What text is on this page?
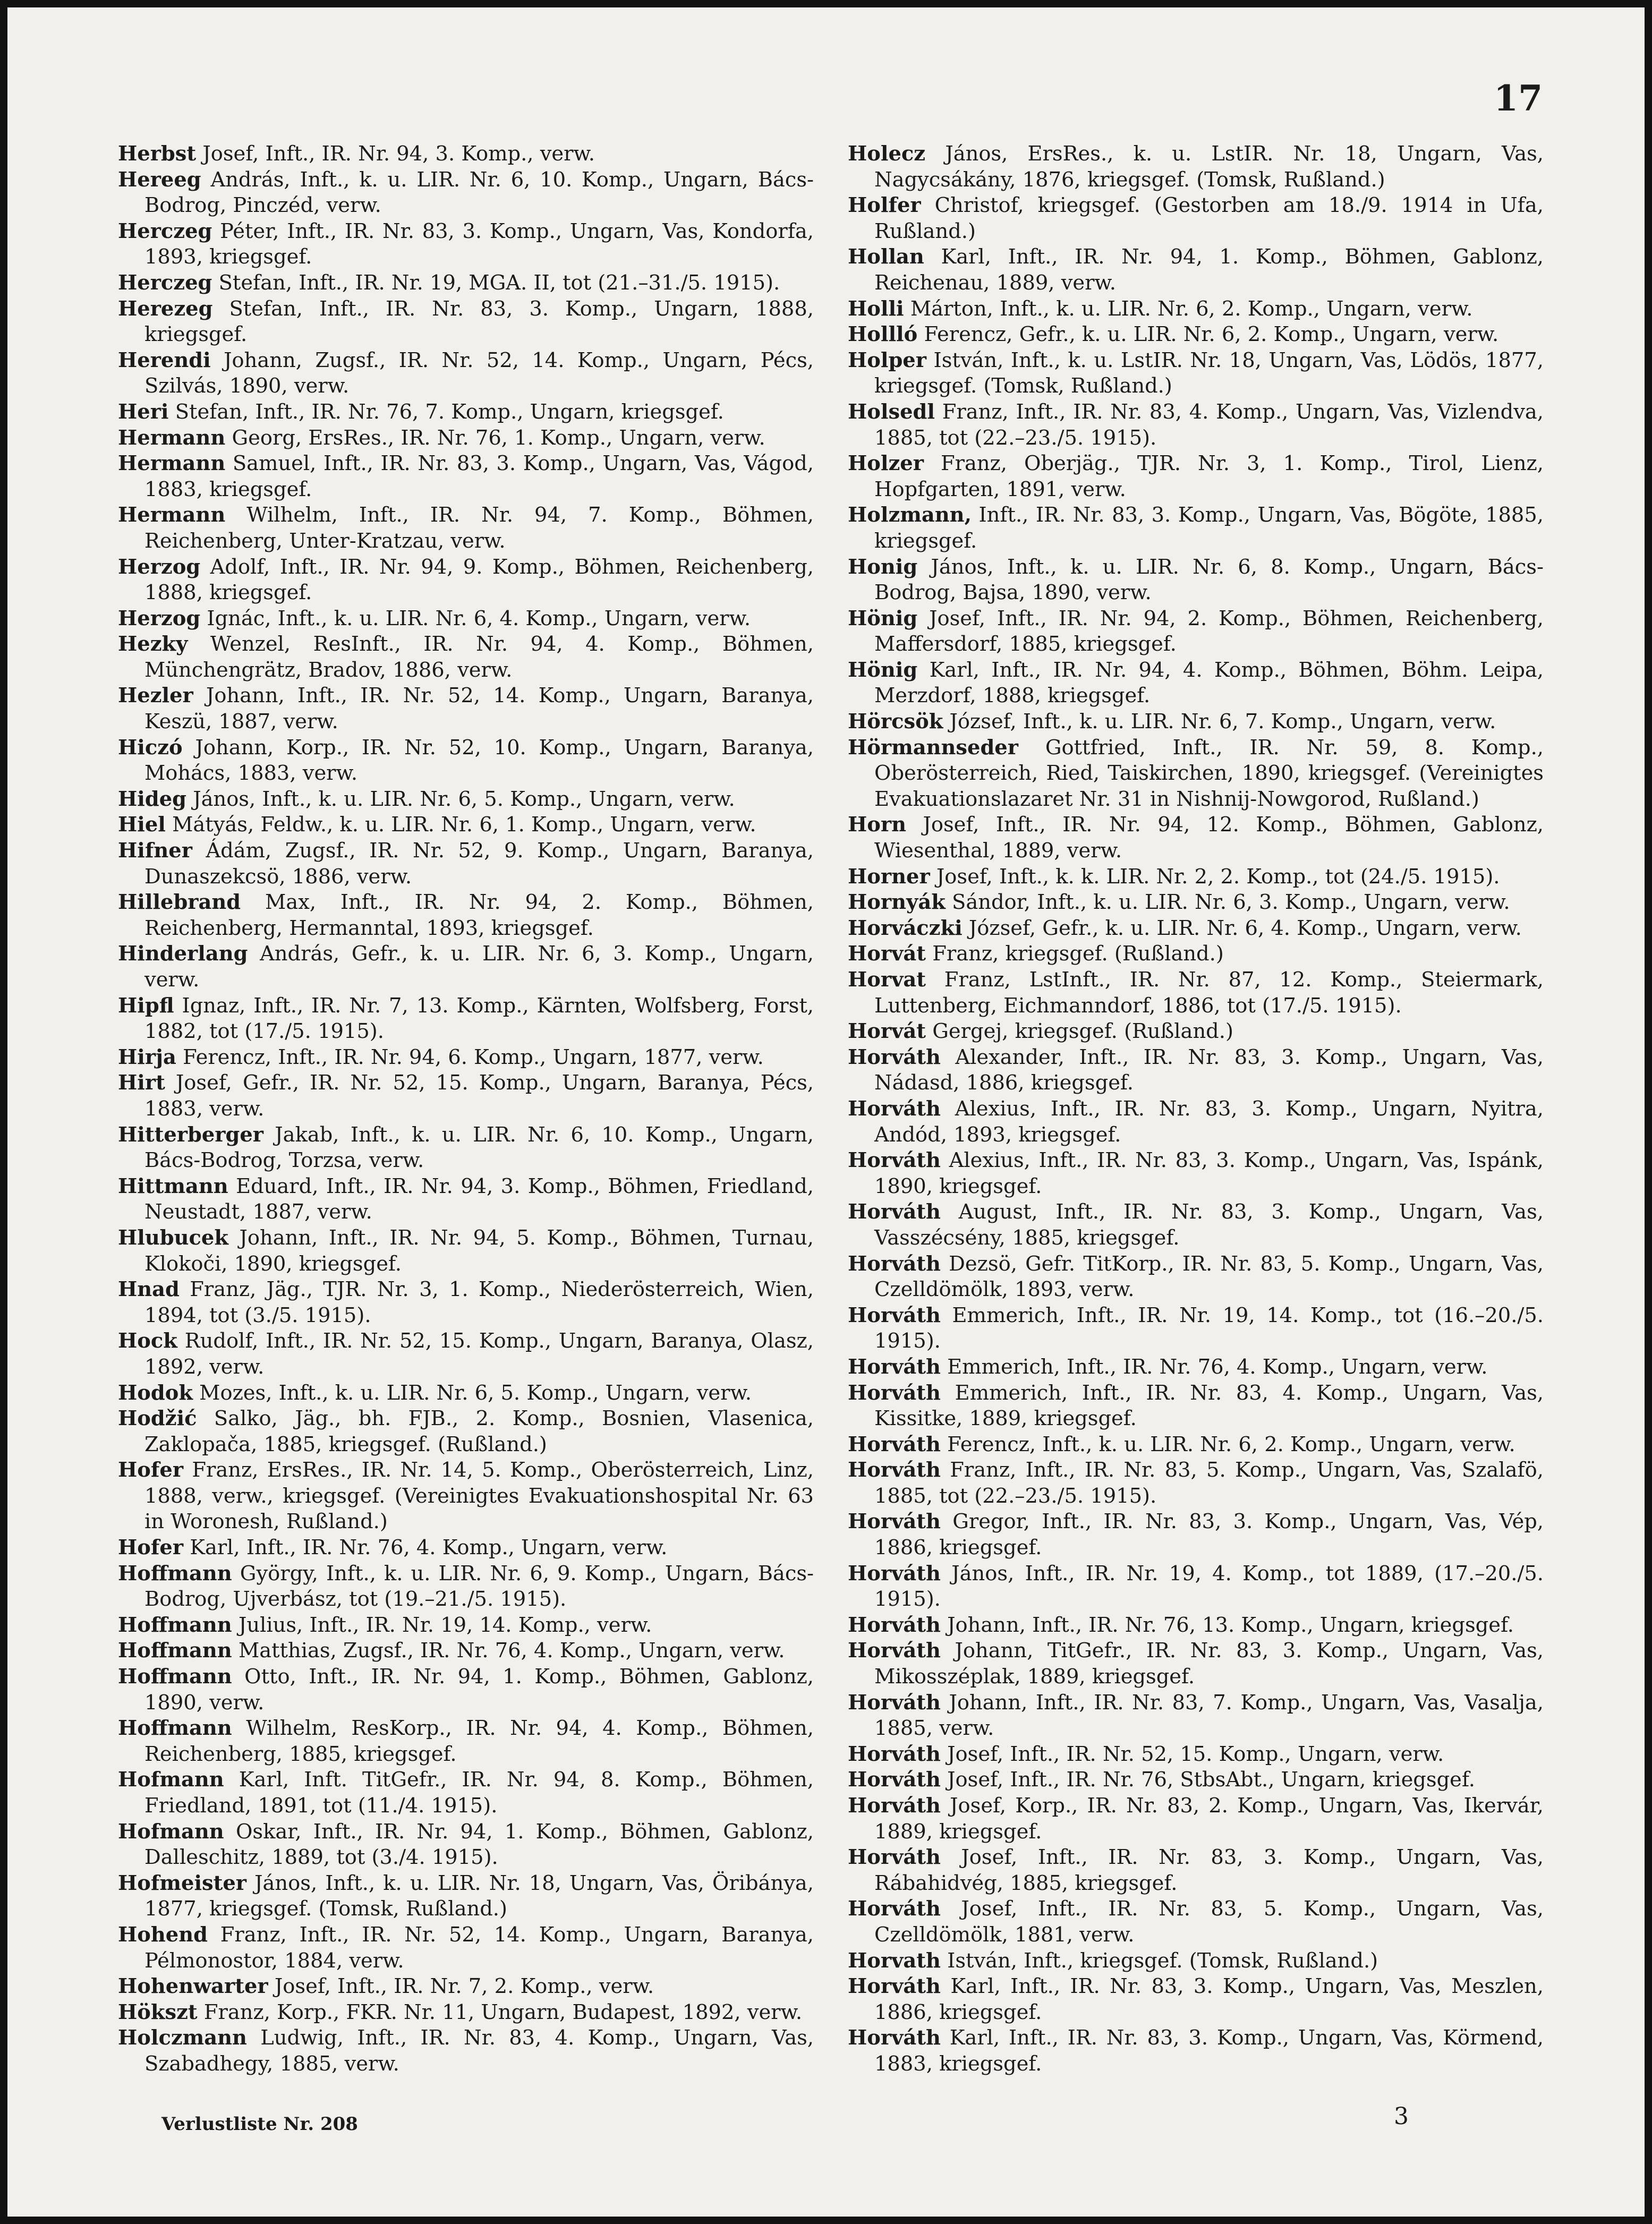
17

Herbst Josef, Inft., IR. Nr. 94, 3. Komp., verw.

Hereeg András, Inft., k. u. LIR. Nr. 6, 10. Komp., Ungarn, Bács-Bodrog, Pinczéd, verw.

Herczeg Péter, Inft., IR. Nr. 83, 3. Komp., Ungarn, Vas, Kondorfa, 1893, kriegsgef.

Herczeg Stefan, Inft., IR. Nr. 19, MGA. II, tot (21.–31./5. 1915).

Herezeg Stefan, Inft., IR. Nr. 83, 3. Komp., Ungarn, 1888, kriegsgef.

Herendi Johann, Zugsf., IR. Nr. 52, 14. Komp., Ungarn, Pécs, Szilvás, 1890, verw.

Heri Stefan, Inft., IR. Nr. 76, 7. Komp., Ungarn, kriegsgef.

Hermann Georg, ErsRes., IR. Nr. 76, 1. Komp., Ungarn, verw.

Hermann Samuel, Inft., IR. Nr. 83, 3. Komp., Ungarn, Vas, Vágod, 1883, kriegsgef.

Hermann Wilhelm, Inft., IR. Nr. 94, 7. Komp., Böhmen, Reichenberg, Unter-Kratzau, verw.

Herzog Adolf, Inft., IR. Nr. 94, 9. Komp., Böhmen, Reichenberg, 1888, kriegsgef.

Herzog Ignác, Inft., k. u. LIR. Nr. 6, 4. Komp., Ungarn, verw.

Hezky Wenzel, ResInft., IR. Nr. 94, 4. Komp., Böhmen, Münchengrätz, Bradov, 1886, verw.

Hezler Johann, Inft., IR. Nr. 52, 14. Komp., Ungarn, Baranya, Keszü, 1887, verw.

Hiczó Johann, Korp., IR. Nr. 52, 10. Komp., Ungarn, Baranya, Mohács, 1883, verw.

Hideg János, Inft., k. u. LIR. Nr. 6, 5. Komp., Ungarn, verw.

Hiel Mátyás, Feldw., k. u. LIR. Nr. 6, 1. Komp., Ungarn, verw.

Hifner Ádám, Zugsf., IR. Nr. 52, 9. Komp., Ungarn, Baranya, Dunaszekcsö, 1886, verw.

Hillebrand Max, Inft., IR. Nr. 94, 2. Komp., Böhmen, Reichenberg, Hermanntal, 1893, kriegsgef.

Hinderlang András, Gefr., k. u. LIR. Nr. 6, 3. Komp., Ungarn, verw.

Hipfl Ignaz, Inft., IR. Nr. 7, 13. Komp., Kärnten, Wolfsberg, Forst, 1882, tot (17./5. 1915).

Hirja Ferencz, Inft., IR. Nr. 94, 6. Komp., Ungarn, 1877, verw.

Hirt Josef, Gefr., IR. Nr. 52, 15. Komp., Ungarn, Baranya, Pécs, 1883, verw.

Hitterberger Jakab, Inft., k. u. LIR. Nr. 6, 10. Komp., Ungarn, Bács-Bodrog, Torzsa, verw.

Hittmann Eduard, Inft., IR. Nr. 94, 3. Komp., Böhmen, Friedland, Neustadt, 1887, verw.

Hlubucek Johann, Inft., IR. Nr. 94, 5. Komp., Böhmen, Turnau, Klokoči, 1890, kriegsgef.

Hnad Franz, Jäg., TJR. Nr. 3, 1. Komp., Niederösterreich, Wien, 1894, tot (3./5. 1915).

Hock Rudolf, Inft., IR. Nr. 52, 15. Komp., Ungarn, Baranya, Olasz, 1892, verw.

Hodok Mozes, Inft., k. u. LIR. Nr. 6, 5. Komp., Ungarn, verw.

Hodžić Salko, Jäg., bh. FJB., 2. Komp., Bosnien, Vlasenica, Zaklopača, 1885, kriegsgef. (Rußland.)

Hofer Franz, ErsRes., IR. Nr. 14, 5. Komp., Oberösterreich, Linz, 1888, verw., kriegsgef. (Vereinigtes Evakuationshospital Nr. 63 in Woronesh, Rußland.)

Hofer Karl, Inft., IR. Nr. 76, 4. Komp., Ungarn, verw.

Hoffmann György, Inft., k. u. LIR. Nr. 6, 9. Komp., Ungarn, Bács-Bodrog, Ujverbász, tot (19.–21./5. 1915).

Hoffmann Julius, Inft., IR. Nr. 19, 14. Komp., verw.

Hoffmann Matthias, Zugsf., IR. Nr. 76, 4. Komp., Ungarn, verw.

Hoffmann Otto, Inft., IR. Nr. 94, 1. Komp., Böhmen, Gablonz, 1890, verw.

Hoffmann Wilhelm, ResKorp., IR. Nr. 94, 4. Komp., Böhmen, Reichenberg, 1885, kriegsgef.

Hofmann Karl, Inft. TitGefr., IR. Nr. 94, 8. Komp., Böhmen, Friedland, 1891, tot (11./4. 1915).

Hofmann Oskar, Inft., IR. Nr. 94, 1. Komp., Böhmen, Gablonz, Dalleschitz, 1889, tot (3./4. 1915).

Hofmeister János, Inft., k. u. LIR. Nr. 18, Ungarn, Vas, Öribánya, 1877, kriegsgef. (Tomsk, Rußland.)

Hohend Franz, Inft., IR. Nr. 52, 14. Komp., Ungarn, Baranya, Pélmonostor, 1884, verw.

Hohenwarter Josef, Inft., IR. Nr. 7, 2. Komp., verw.

Hökszt Franz, Korp., FKR. Nr. 11, Ungarn, Budapest, 1892, verw.

Holczmann Ludwig, Inft., IR. Nr. 83, 4. Komp., Ungarn, Vas, Szabadhegy, 1885, verw.

Holecz János, ErsRes., k. u. LstIR. Nr. 18, Ungarn, Vas, Nagycsákány, 1876, kriegsgef. (Tomsk, Rußland.)

Holfer Christof, kriegsgef. (Gestorben am 18./9. 1914 in Ufa, Rußland.)

Hollan Karl, Inft., IR. Nr. 94, 1. Komp., Böhmen, Gablonz, Reichenau, 1889, verw.

Holli Márton, Inft., k. u. LIR. Nr. 6, 2. Komp., Ungarn, verw.

Hollló Ferencz, Gefr., k. u. LIR. Nr. 6, 2. Komp., Ungarn, verw.

Holper István, Inft., k. u. LstIR. Nr. 18, Ungarn, Vas, Lödös, 1877, kriegsgef. (Tomsk, Rußland.)

Holsedl Franz, Inft., IR. Nr. 83, 4. Komp., Ungarn, Vas, Vizlendva, 1885, tot (22.–23./5. 1915).

Holzer Franz, Oberjäg., TJR. Nr. 3, 1. Komp., Tirol, Lienz, Hopfgarten, 1891, verw.

Holzmann, Inft., IR. Nr. 83, 3. Komp., Ungarn, Vas, Bögöte, 1885, kriegsgef.

Honig János, Inft., k. u. LIR. Nr. 6, 8. Komp., Ungarn, Bács-Bodrog, Bajsa, 1890, verw.

Hönig Josef, Inft., IR. Nr. 94, 2. Komp., Böhmen, Reichenberg, Maffersdorf, 1885, kriegsgef.

Hönig Karl, Inft., IR. Nr. 94, 4. Komp., Böhmen, Böhm. Leipa, Merzdorf, 1888, kriegsgef.

Hörcsök József, Inft., k. u. LIR. Nr. 6, 7. Komp., Ungarn, verw.

Hörmannseder Gottfried, Inft., IR. Nr. 59, 8. Komp., Oberösterreich, Ried, Taiskirchen, 1890, kriegsgef. (Vereinigtes Evakuationslazaret Nr. 31 in Nishnij-Nowgorod, Rußland.)

Horn Josef, Inft., IR. Nr. 94, 12. Komp., Böhmen, Gablonz, Wiesenthal, 1889, verw.

Horner Josef, Inft., k. k. LIR. Nr. 2, 2. Komp., tot (24./5. 1915).

Hornyák Sándor, Inft., k. u. LIR. Nr. 6, 3. Komp., Ungarn, verw.

Horváczki József, Gefr., k. u. LIR. Nr. 6, 4. Komp., Ungarn, verw.

Horvát Franz, kriegsgef. (Rußland.)

Horvat Franz, LstInft., IR. Nr. 87, 12. Komp., Steiermark, Luttenberg, Eichmanndorf, 1886, tot (17./5. 1915).

Horvát Gergej, kriegsgef. (Rußland.)

Horváth Alexander, Inft., IR. Nr. 83, 3. Komp., Ungarn, Vas, Nádasd, 1886, kriegsgef.

Horváth Alexius, Inft., IR. Nr. 83, 3. Komp., Ungarn, Nyitra, Andód, 1893, kriegsgef.

Horváth Alexius, Inft., IR. Nr. 83, 3. Komp., Ungarn, Vas, Ispánk, 1890, kriegsgef.

Horváth August, Inft., IR. Nr. 83, 3. Komp., Ungarn, Vas, Vasszécsény, 1885, kriegsgef.

Horváth Dezsö, Gefr. TitKorp., IR. Nr. 83, 5. Komp., Ungarn, Vas, Czelldömölk, 1893, verw.

Horváth Emmerich, Inft., IR. Nr. 19, 14. Komp., tot (16.–20./5. 1915).

Horváth Emmerich, Inft., IR. Nr. 76, 4. Komp., Ungarn, verw.

Horváth Emmerich, Inft., IR. Nr. 83, 4. Komp., Ungarn, Vas, Kissitke, 1889, kriegsgef.

Horváth Ferencz, Inft., k. u. LIR. Nr. 6, 2. Komp., Ungarn, verw.

Horváth Franz, Inft., IR. Nr. 83, 5. Komp., Ungarn, Vas, Szalafö, 1885, tot (22.–23./5. 1915).

Horváth Gregor, Inft., IR. Nr. 83, 3. Komp., Ungarn, Vas, Vép, 1886, kriegsgef.

Horváth János, Inft., IR. Nr. 19, 4. Komp., tot 1889, (17.–20./5. 1915).

Horváth Johann, Inft., IR. Nr. 76, 13. Komp., Ungarn, kriegsgef.

Horváth Johann, TitGefr., IR. Nr. 83, 3. Komp., Ungarn, Vas, Mikosszéplak, 1889, kriegsgef.

Horváth Johann, Inft., IR. Nr. 83, 7. Komp., Ungarn, Vas, Vasalja, 1885, verw.

Horváth Josef, Inft., IR. Nr. 52, 15. Komp., Ungarn, verw.

Horváth Josef, Inft., IR. Nr. 76, StbsAbt., Ungarn, kriegsgef.

Horváth Josef, Korp., IR. Nr. 83, 2. Komp., Ungarn, Vas, Ikervár, 1889, kriegsgef.

Horváth Josef, Inft., IR. Nr. 83, 3. Komp., Ungarn, Vas, Rábahidvég, 1885, kriegsgef.

Horváth Josef, Inft., IR. Nr. 83, 5. Komp., Ungarn, Vas, Czelldömölk, 1881, verw.

Horvath István, Inft., kriegsgef. (Tomsk, Rußland.)

Horváth Karl, Inft., IR. Nr. 83, 3. Komp., Ungarn, Vas, Meszlen, 1886, kriegsgef.

Horváth Karl, Inft., IR. Nr. 83, 3. Komp., Ungarn, Vas, Körmend, 1883, kriegsgef.

Verlustliste Nr. 208	3
